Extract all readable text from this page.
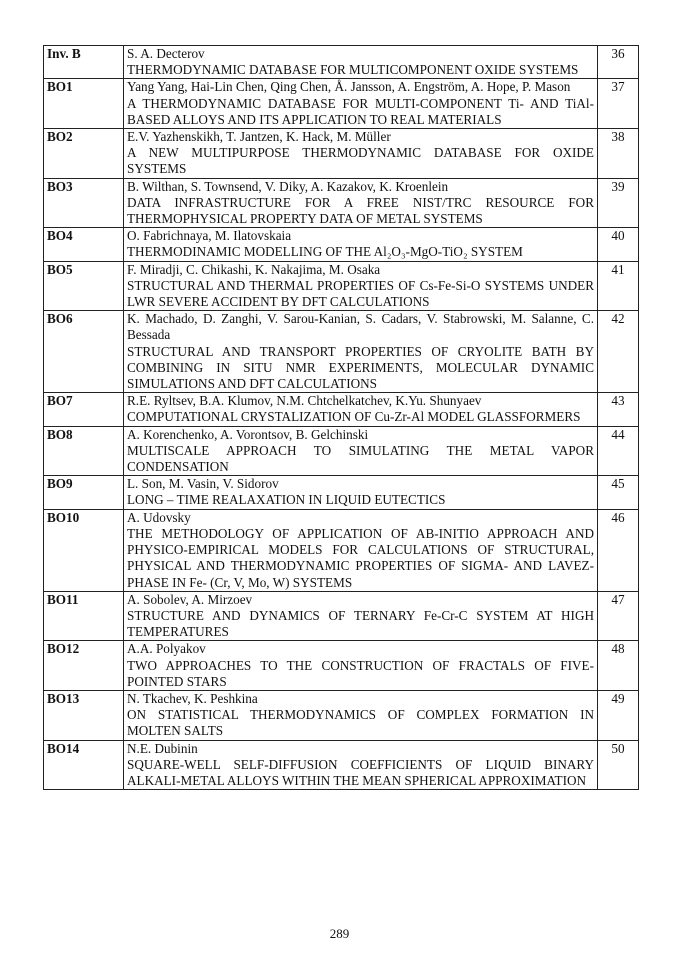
Inv. B	S. A. Decterov
THERMODYNAMIC DATABASE FOR MULTICOMPONENT OXIDE SYSTEMS	36
BO1	Yang Yang, Hai-Lin Chen, Qing Chen, Å. Jansson, A. Engström, A. Hope, P. Mason
A THERMODYNAMIC DATABASE FOR MULTI-COMPONENT Ti- AND TiAl-BASED ALLOYS AND ITS APPLICATION TO REAL MATERIALS	37
BO2	E.V. Yazhenskikh, T. Jantzen, K. Hack, M. Müller
A NEW MULTIPURPOSE THERMODYNAMIC DATABASE FOR OXIDE SYSTEMS	38
BO3	B. Wilthan, S. Townsend, V. Diky, A. Kazakov, K. Kroenlein
DATA INFRASTRUCTURE FOR A FREE NIST/TRC RESOURCE FOR THERMOPHYSICAL PROPERTY DATA OF METAL SYSTEMS	39
BO4	O. Fabrichnaya, M. Ilatovskaia
THERMODINAMIC MODELLING OF THE Al₂O₃-MgO-TiO₂ SYSTEM	40
BO5	F. Miradji, C. Chikashi, K. Nakajima, M. Osaka
STRUCTURAL AND THERMAL PROPERTIES OF Cs-Fe-Si-O SYSTEMS UNDER LWR SEVERE ACCIDENT BY DFT CALCULATIONS	41
BO6	K. Machado, D. Zanghi, V. Sarou-Kanian, S. Cadars, V. Stabrowski, M. Salanne, C. Bessada
STRUCTURAL AND TRANSPORT PROPERTIES OF CRYOLITE BATH BY COMBINING IN SITU NMR EXPERIMENTS, MOLECULAR DYNAMIC SIMULATIONS AND DFT CALCULATIONS	42
BO7	R.E. Ryltsev, B.A. Klumov, N.M. Chtchelkatchev, K.Yu. Shunyaev
COMPUTATIONAL CRYSTALIZATION OF Cu-Zr-Al MODEL GLASSFORMERS	43
BO8	A. Korenchenko, A. Vorontsov, B. Gelchinski
MULTISCALE APPROACH TO SIMULATING THE METAL VAPOR CONDENSATION	44
BO9	L. Son, M. Vasin, V. Sidorov
LONG – TIME REALAXATION IN LIQUID EUTECTICS	45
BO10	A. Udovsky
THE METHODOLOGY OF APPLICATION OF AB-INITIO APPROACH AND PHYSICO-EMPIRICAL MODELS FOR CALCULATIONS OF STRUCTURAL, PHYSICAL AND THERMODYNAMIC PROPERTIES OF SIGMA- AND LAVEZ-PHASE IN Fe- (Cr, V, Mo, W) SYSTEMS	46
BO11	A. Sobolev, A. Mirzoev
STRUCTURE AND DYNAMICS OF TERNARY Fe-Cr-C SYSTEM AT HIGH TEMPERATURES	47
BO12	A.A. Polyakov
TWO APPROACHES TO THE CONSTRUCTION OF FRACTALS OF FIVE-POINTED STARS	48
BO13	N. Tkachev, K. Peshkina
ON STATISTICAL THERMODYNAMICS OF COMPLEX FORMATION IN MOLTEN SALTS	49
BO14	N.E. Dubinin
SQUARE-WELL SELF-DIFFUSION COEFFICIENTS OF LIQUID BINARY ALKALI-METAL ALLOYS WITHIN THE MEAN SPHERICAL APPROXIMATION	50
289
